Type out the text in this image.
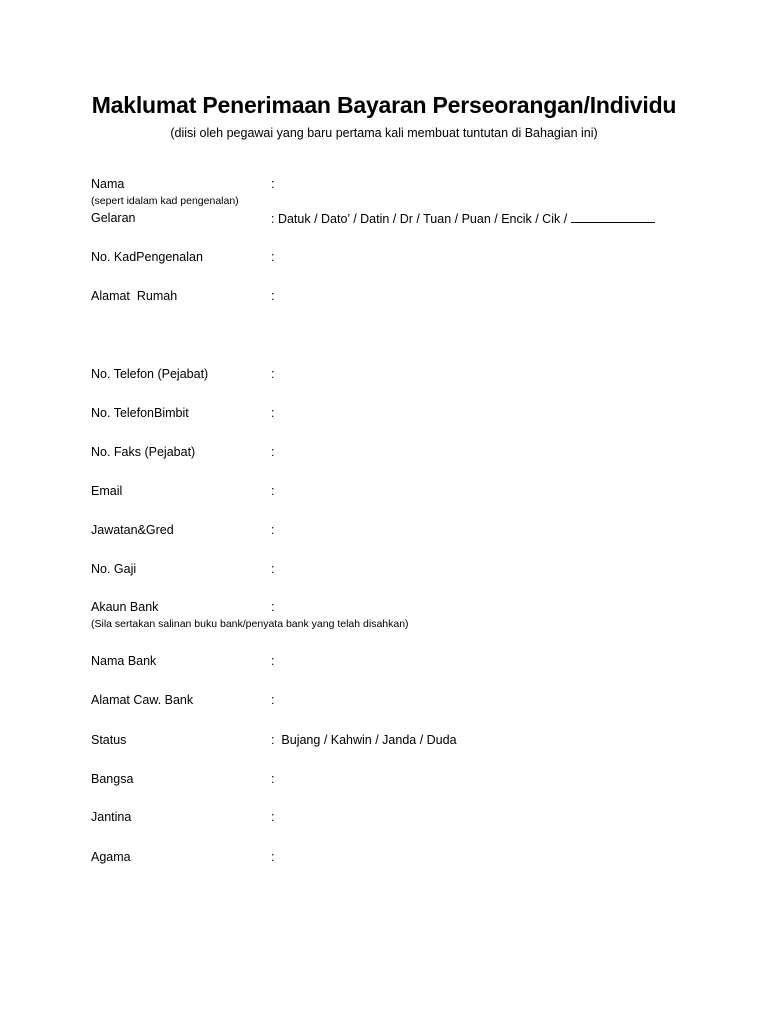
Maklumat Penerimaan Bayaran Perseorangan/Individu
(diisi oleh pegawai yang baru pertama kali membuat tuntutan di Bahagian ini)
Nama	:
(sepert idalam kad pengenalan)
Gelaran	: Datuk / Dato’ / Datin / Dr / Tuan / Puan / Encik / Cik /
No. KadPengenalan	:
Alamat  Rumah	:
No. Telefon (Pejabat)	:
No. TelefonBimbit	:
No. Faks (Pejabat)	:
Email	:
Jawatan&Gred	:
No. Gaji	:
Akaun Bank	:
(Sila sertakan salinan buku bank/penyata bank yang telah disahkan)
Nama Bank	:
Alamat Caw. Bank	:
Status	:  Bujang / Kahwin / Janda / Duda
Bangsa	:
Jantina	:
Agama	:
